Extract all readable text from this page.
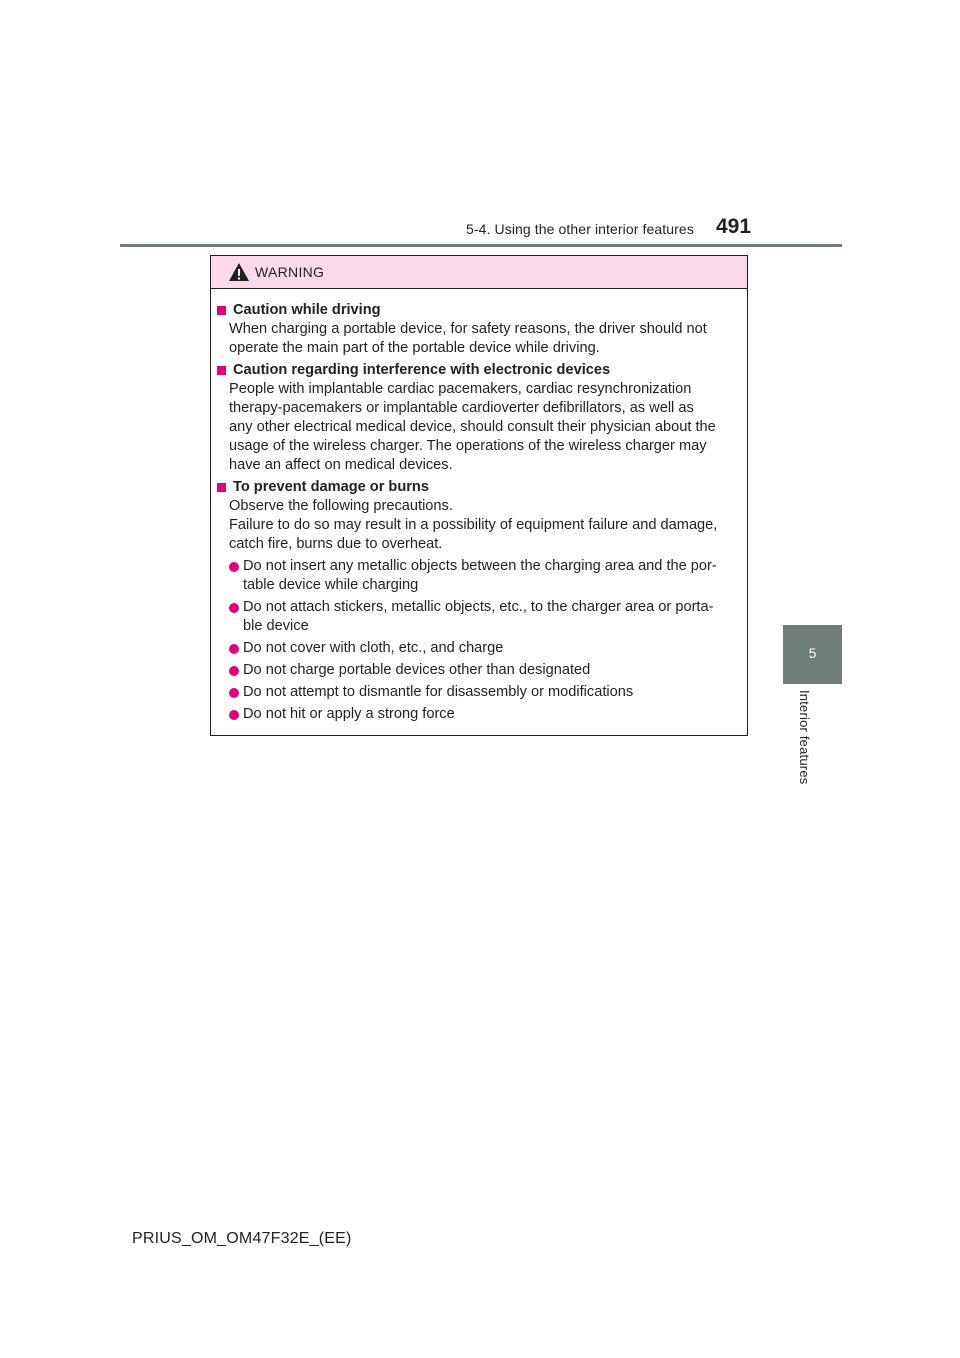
5-4. Using the other interior features 491
5
Interior features
WARNING
Caution while driving
When charging a portable device, for safety reasons, the driver should not
operate the main part of the portable device while driving.
Caution regarding interference with electronic devices
People with implantable cardiac pacemakers, cardiac resynchronization
therapy-pacemakers or implantable cardioverter defibrillators, as well as
any other electrical medical device, should consult their physician about the
usage of the wireless charger. The operations of the wireless charger may
have an affect on medical devices.
To prevent damage or burns
Observe the following precautions.
Failure to do so may result in a possibility of equipment failure and damage,
catch fire, burns due to overheat.
Do not insert any metallic objects between the charging area and the por-
table device while charging
Do not attach stickers, metallic objects, etc., to the charger area or porta-
ble device
Do not cover with cloth, etc., and charge
Do not charge portable devices other than designated
Do not attempt to dismantle for disassembly or modifications
Do not hit or apply a strong force
PRIUS_OM_OM47F32E_(EE)
